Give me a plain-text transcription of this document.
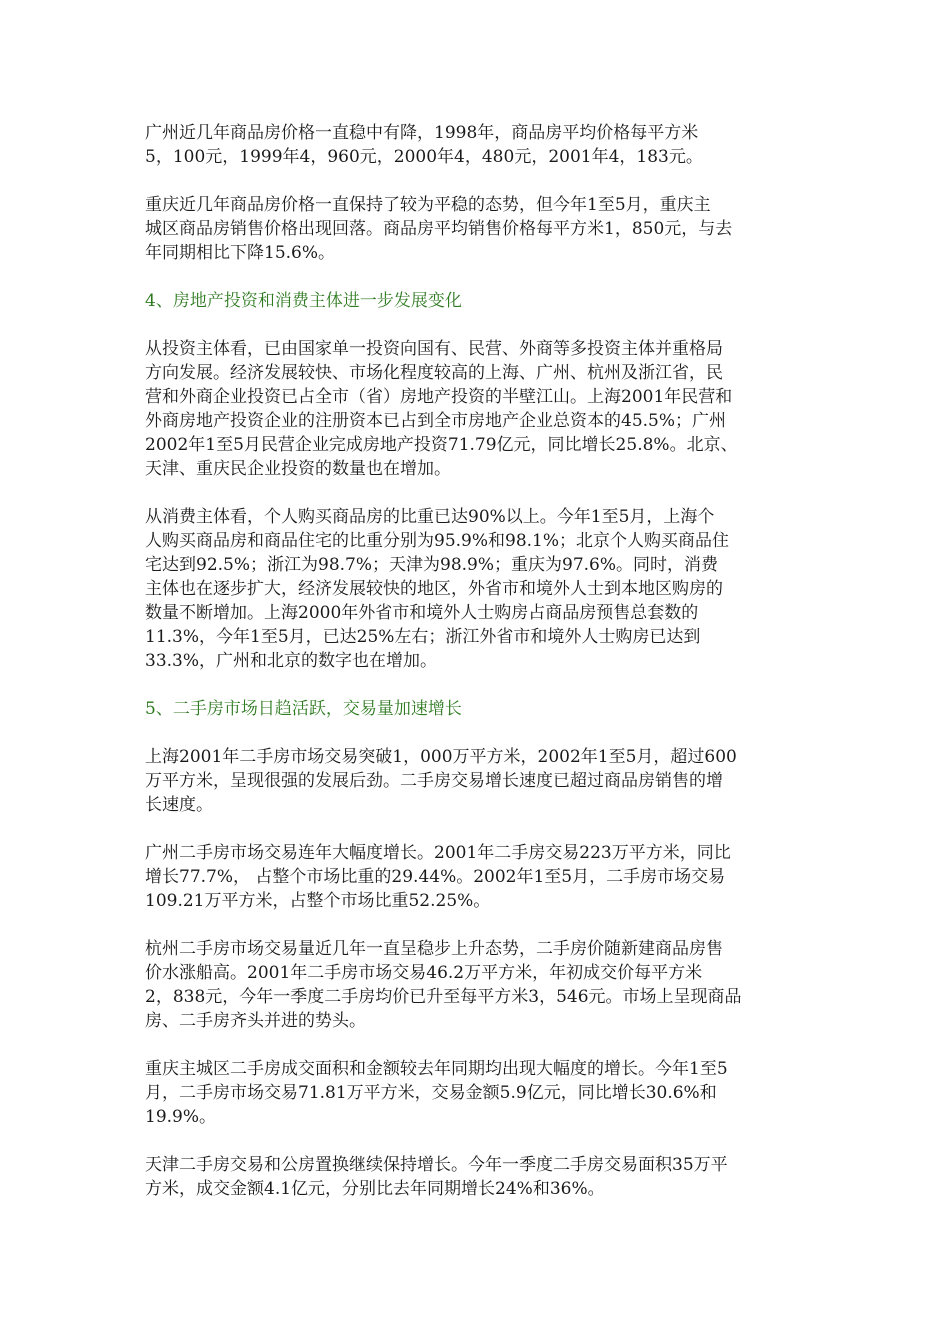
广州近几年商品房价格一直稳中有降，1998年，商品房平均价格每平方米
5，100元，1999年4，960元，2000年4，480元，2001年4，183元。

重庆近几年商品房价格一直保持了较为平稳的态势，但今年1至5月，重庆主
城区商品房销售价格出现回落。商品房平均销售价格每平方米1，850元，与去
年同期相比下降15.6%。

4、房地产投资和消费主体进一步发展变化

从投资主体看，已由国家单一投资向国有、民营、外商等多投资主体并重格局
方向发展。经济发展较快、市场化程度较高的上海、广州、杭州及浙江省，民
营和外商企业投资已占全市（省）房地产投资的半壁江山。上海2001年民营和
外商房地产投资企业的注册资本已占到全市房地产企业总资本的45.5%；广州
2002年1至5月民营企业完成房地产投资71.79亿元，同比增长25.8%。北京、
天津、重庆民企业投资的数量也在增加。

从消费主体看，个人购买商品房的比重已达90%以上。今年1至5月，上海个
人购买商品房和商品住宅的比重分别为95.9%和98.1%；北京个人购买商品住
宅达到92.5%；浙江为98.7%；天津为98.9%；重庆为97.6%。同时，消费
主体也在逐步扩大，经济发展较快的地区，外省市和境外人士到本地区购房的
数量不断增加。上海2000年外省市和境外人士购房占商品房预售总套数的
11.3%，今年1至5月，已达25%左右；浙江外省市和境外人士购房已达到
33.3%，广州和北京的数字也在增加。

5、二手房市场日趋活跃，交易量加速增长

上海2001年二手房市场交易突破1，000万平方米，2002年1至5月，超过600
万平方米，呈现很强的发展后劲。二手房交易增长速度已超过商品房销售的增
长速度。

广州二手房市场交易连年大幅度增长。2001年二手房交易223万平方米，同比
增长77.7%， 占整个市场比重的29.44%。2002年1至5月，二手房市场交易
109.21万平方米，占整个市场比重52.25%。

杭州二手房市场交易量近几年一直呈稳步上升态势，二手房价随新建商品房售
价水涨船高。2001年二手房市场交易46.2万平方米，年初成交价每平方米
2，838元，今年一季度二手房均价已升至每平方米3，546元。市场上呈现商品
房、二手房齐头并进的势头。

重庆主城区二手房成交面积和金额较去年同期均出现大幅度的增长。今年1至5
月，二手房市场交易71.81万平方米，交易金额5.9亿元，同比增长30.6%和
19.9%。

天津二手房交易和公房置换继续保持增长。今年一季度二手房交易面积35万平
方米，成交金额4.1亿元，分别比去年同期增长24%和36%。
